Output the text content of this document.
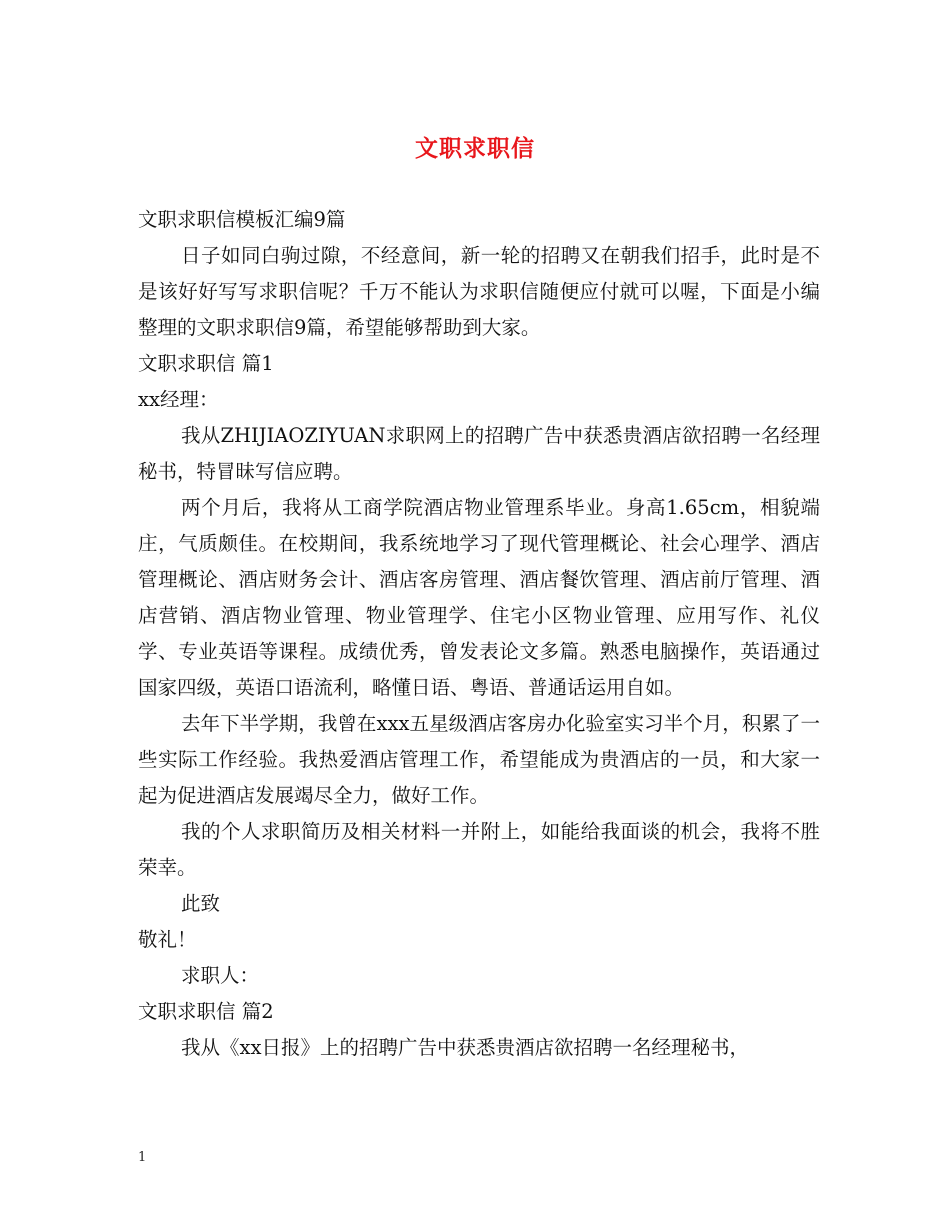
文职求职信

文职求职信模板汇编9篇

日子如同白驹过隙，不经意间，新一轮的招聘又在朝我们招手，此时是不是该好好写写求职信呢？千万不能认为求职信随便应付就可以喔，下面是小编整理的文职求职信9篇，希望能够帮助到大家。

文职求职信 篇1

xx经理：

我从ZHIJIAOZIYUAN求职网上的招聘广告中获悉贵酒店欲招聘一名经理秘书，特冒昧写信应聘。

两个月后，我将从工商学院酒店物业管理系毕业。身高1.65cm，相貌端庄，气质颇佳。在校期间，我系统地学习了现代管理概论、社会心理学、酒店管理概论、酒店财务会计、酒店客房管理、酒店餐饮管理、酒店前厅管理、酒店营销、酒店物业管理、物业管理学、住宅小区物业管理、应用写作、礼仪学、专业英语等课程。成绩优秀，曾发表论文多篇。熟悉电脑操作，英语通过国家四级，英语口语流利，略懂日语、粤语、普通话运用自如。

去年下半学期，我曾在xxx五星级酒店客房办化验室实习半个月，积累了一些实际工作经验。我热爱酒店管理工作，希望能成为贵酒店的一员，和大家一起为促进酒店发展竭尽全力，做好工作。

我的个人求职简历及相关材料一并附上，如能给我面谈的机会，我将不胜荣幸。

此致

敬礼！

求职人：

文职求职信 篇2

我从《xx日报》上的招聘广告中获悉贵酒店欲招聘一名经理秘书，

1
